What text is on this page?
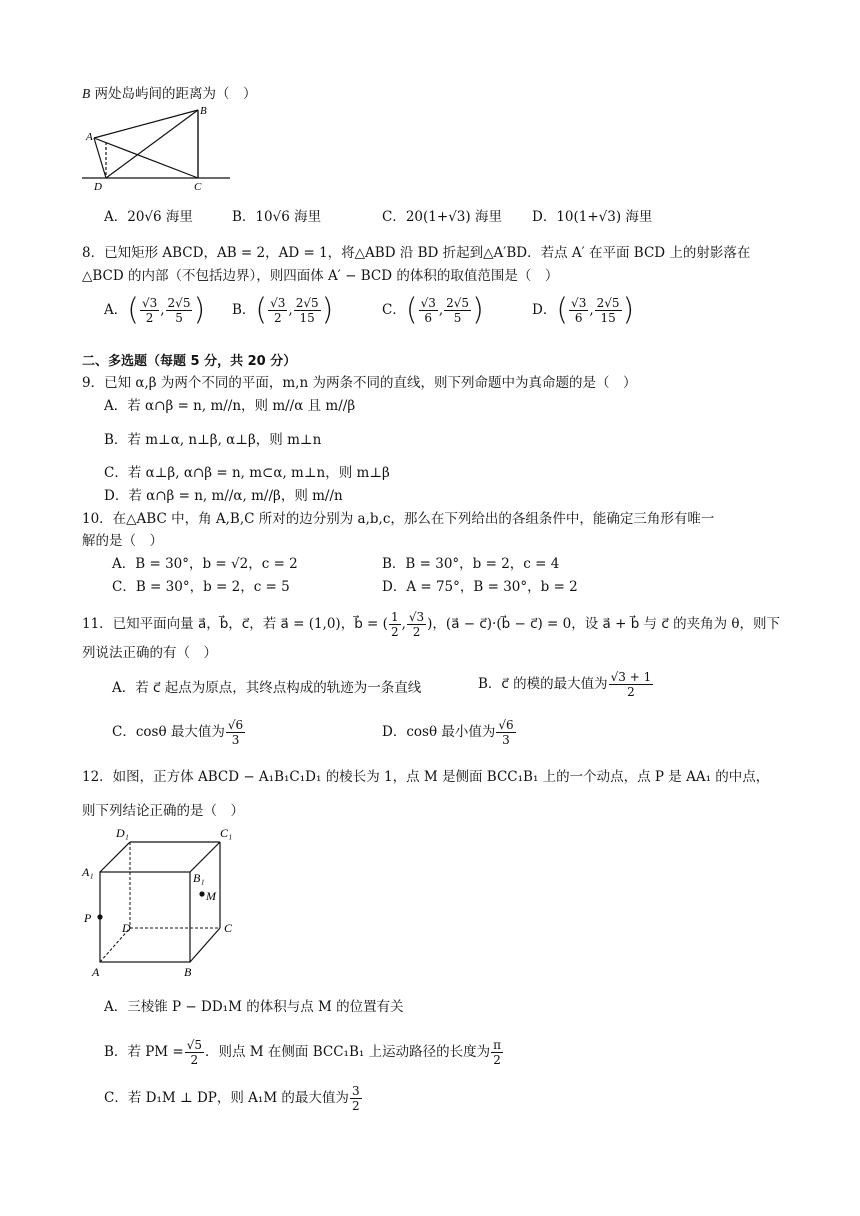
B 两处岛屿间的距离为（　）
A
B
D	C
A．20√6 海里	B．10√6 海里	C．20(1+√3) 海里 D．10(1+√3) 海里
8．已知矩形 ABCD，AB = 2，AD = 1，将△ABD 沿 BD 折起到△A′BD．若点 A′ 在平面 BCD 上的射影落在
△BCD 的内部（不包括边界），则四面体 A′ − BCD 的体积的取值范围是（　）
A．( $\frac{√3}{2}$ , $\frac{2√5}{5}$ ) B．( $\frac{√3}{2}$ , $\frac{2√5}{15}$ )	C．( $\frac{√3}{6}$ , $\frac{2√5}{5}$ )	D．( $\frac{√3}{6}$ , $\frac{2√5}{15}$ )
二、多选题（每题 5 分，共 20 分）
9．已知 α,β 为两个不同的平面，m,n 为两条不同的直线，则下列命题中为真命题的是（　）
A．若 α∩β = n, m//n，则 m//α 且 m//β
B．若 m⊥α, n⊥β, α⊥β，则 m⊥n
C．若 α⊥β, α∩β = n, m⊂α, m⊥n，则 m⊥β
D．若 α∩β = n, m//α, m//β，则 m//n
10．在△ABC 中，角 A,B,C 所对的边分别为 a,b,c，那么在下列给出的各组条件中，能确定三角形有唯一
解的是（　）
A．B = 30°，b = √2，c = 2	B．B = 30°，b = 2，c = 4
C．B = 30°，b = 2，c = 5	D．A = 75°，B = 30°，b = 2
11．已知平面向量 a⃗，b⃗，c⃗，若 a⃗ = (1,0)，b⃗ = ( $\frac{1}{2}$ , $\frac{√3}{2}$ )，(a⃗ − c⃗)·(b⃗ − c⃗) = 0，设 a⃗ + b⃗ 与 c⃗ 的夹角为 θ，则下
列说法正确的有（　）
A．若 c⃗ 起点为原点，其终点构成的轨迹为一条直线	B．c⃗ 的模的最大值为 $\frac{√3 + 1}{2}$
C．cosθ 最大值为 $\frac{√6}{3}$	D．cosθ 最小值为 $\frac{√6}{3}$
12．如图，正方体 ABCD − A₁B₁C₁D₁ 的棱长为 1，点 M 是侧面 BCC₁B₁ 上的一个动点，点 P 是 AA₁ 的中点，
则下列结论正确的是（　）
D₁	C₁
A₁	B₁
M
P
D	C
A	B
A．三棱锥 P − DD₁M 的体积与点 M 的位置有关
B．若 PM = $\frac{√5}{2}$ ．则点 M 在侧面 BCC₁B₁ 上运动路径的长度为 $\frac{\pi}{2}$
C．若 D₁M ⊥ DP，则 A₁M 的最大值为 $\frac{3}{2}$
